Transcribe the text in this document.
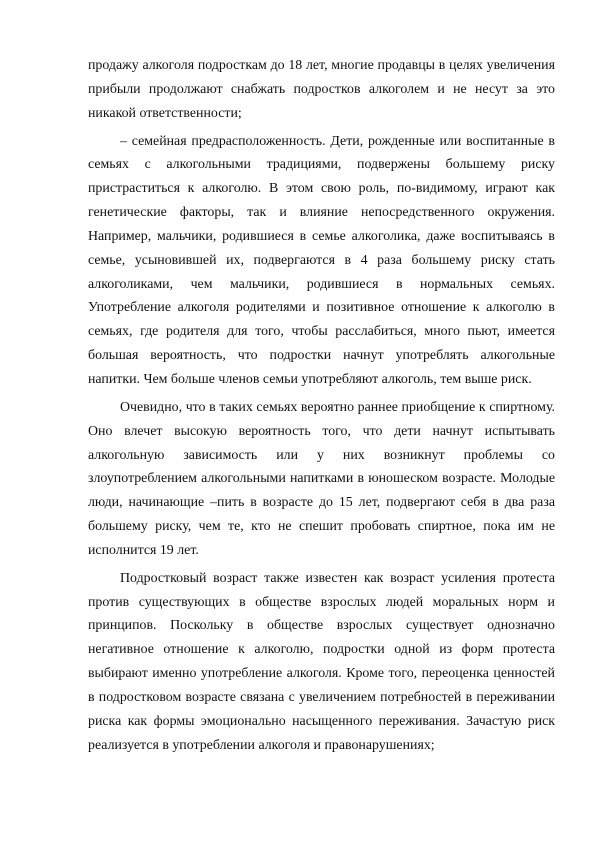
продажу алкоголя подросткам до 18 лет, многие продавцы в целях увеличения прибыли продолжают снабжать подростков алкоголем и не несут за это никакой ответственности;

– семейная предрасположенность. Дети, рожденные или воспитанные в семьях с алкогольными традициями, подвержены большему риску пристраститься к алкоголю. В этом свою роль, по-видимому, играют как генетические факторы, так и влияние непосредственного окружения. Например, мальчики, родившиеся в семье алкоголика, даже воспитываясь в семье, усыновившей их, подвергаются в 4 раза большему риску стать алкоголиками, чем мальчики, родившиеся в нормальных семьях. Употребление алкоголя родителями и позитивное отношение к алкоголю в семьях, где родителя для того, чтобы расслабиться, много пьют, имеется большая вероятность, что подростки начнут употреблять алкогольные напитки. Чем больше членов семьи употребляют алкоголь, тем выше риск.

Очевидно, что в таких семьях вероятно раннее приобщение к спиртному. Оно влечет высокую вероятность того, что дети начнут испытывать алкогольную зависимость или у них возникнут проблемы со злоупотреблением алкогольными напитками в юношеском возрасте. Молодые люди, начинающие –пить в возрасте до 15 лет, подвергают себя в два раза большему риску, чем те, кто не спешит пробовать спиртное, пока им не исполнится 19 лет.

Подростковый возраст также известен как возраст усиления протеста против существующих в обществе взрослых людей моральных норм и принципов. Поскольку в обществе взрослых существует однозначно негативное отношение к алкоголю, подростки одной из форм протеста выбирают именно употребление алкоголя. Кроме того, переоценка ценностей в подростковом возрасте связана с увеличением потребностей в переживании риска как формы эмоционально насыщенного переживания. Зачастую риск реализуется в употреблении алкоголя и правонарушениях;
